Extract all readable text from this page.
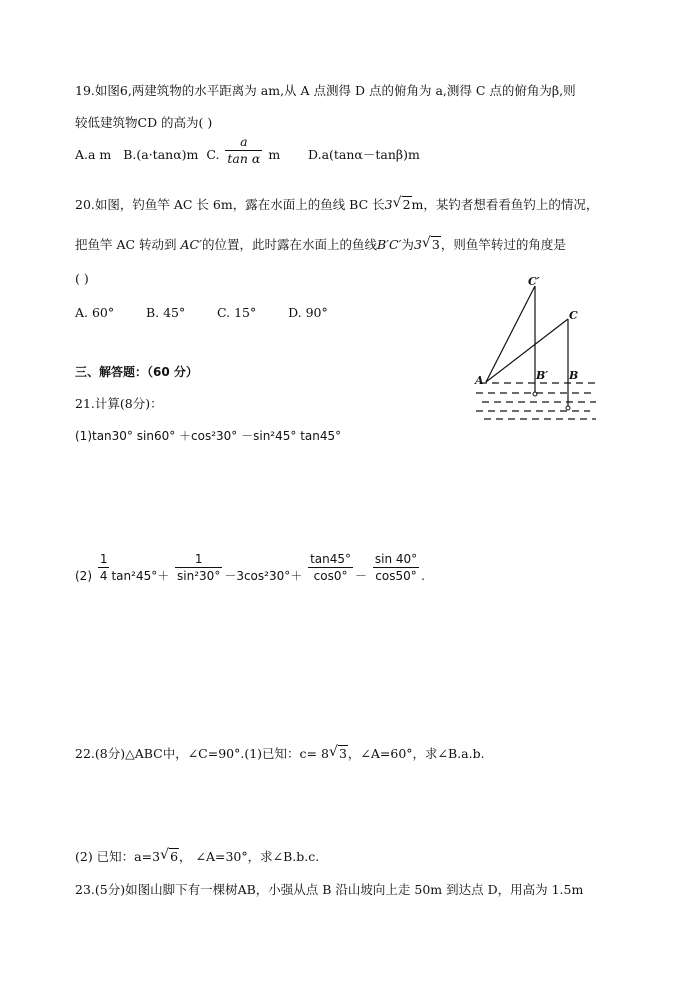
19.如图6,两建筑物的水平距离为 am,从 A 点测得 D 点的俯角为 a,测得 C 点的俯角为β,则
较低建筑物CD 的高为( )
A.a m B.(a·tanα)m C. $\frac{a}{\text{tan α}}$ m D.a(tanα－tanβ)m
20.如图，钓鱼竿 AC 长 6m，露在水面上的鱼线 BC 长3 √ 2m，某钓者想看看鱼钓上的情况，
把鱼竿 AC 转动到 AC′的位置，此时露在水面上的鱼线B′C′为3 √ 3，则鱼竿转过的角度是
( )
A. 60°	B. 45°	C. 15°	D. 90°
C′
C
A	B′ B
三、解答题：（60 分）
21.计算(8分)：
(1)tan30° sin60° ＋cos²30° －sin²45° tan45°
$(2) \frac{1}{4} \tan^245^\circ+ \frac{1}{\text{sin²30°}} -3\cos^230^\circ+ \frac{\tan 45^\circ}{\cos 0^\circ} - \frac{\sin 40^\circ}{\cos 50^\circ}$ .
22.(8分)△ABC中，∠C=90°.(1)已知：c= 8 √ 3，∠A=60°，求∠B.a.b.
(2) 已知：a=3 √ 6， ∠A=30°，求∠B.b.c.
23.(5分)如图山脚下有一棵树AB，小强从点 B 沿山坡向上走 50m 到达点 D，用高为 1.5m
